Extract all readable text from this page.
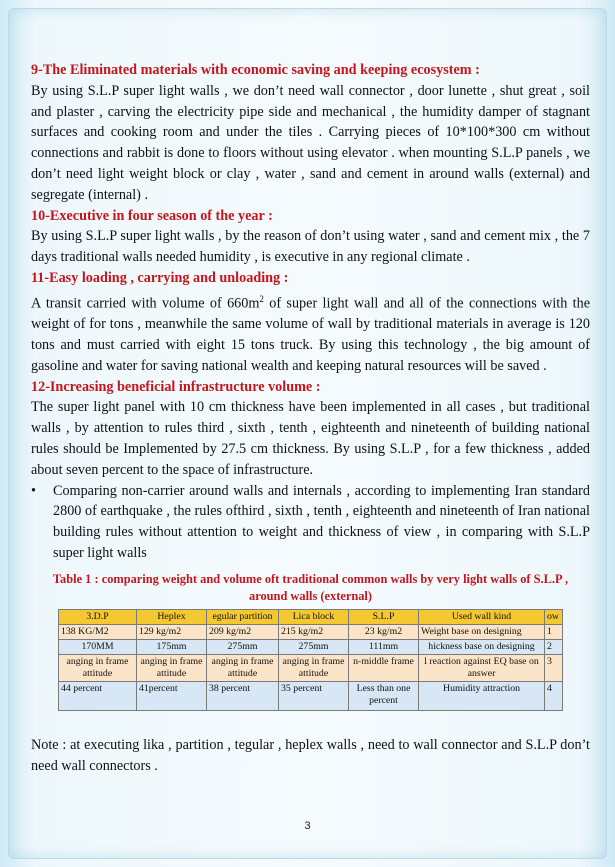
9-The Eliminated materials with economic saving and keeping ecosystem :

By using S.L.P super light walls , we don’t need wall connector , door lunette , shut great , soil and plaster , carving the electricity pipe side and mechanical , the humidity damper of stagnant surfaces and cooking room and under the tiles . Carrying pieces of 10*100*300 cm without connections and rabbit is done to floors without using elevator . when mounting S.L.P panels , we don’t need light weight block or clay , water , sand and cement in around walls (external) and segregate (internal) .

10-Executive in four season of the year :

By using S.L.P super light walls , by the reason of don’t using water , sand and cement mix , the 7 days traditional walls needed humidity , is executive in any regional climate .

11-Easy loading , carrying and unloading :

A transit carried with volume of $660m^2$ of super light wall and all of the connections with the weight of for tons , meanwhile the same volume of wall by traditional materials in average is 120 tons and must carried with eight 15 tons truck. By using this technology , the big amount of gasoline and water for saving national wealth and keeping natural resources will be saved .

12-Increasing beneficial infrastructure volume :

The super light panel with 10 cm thickness have been implemented in all cases , but traditional walls , by attention to rules third , sixth , tenth , eighteenth and nineteenth of building national rules should be Implemented by 27.5 cm thickness. By using S.L.P , for a few thickness , added about seven percent to the space of infrastructure.

•	Comparing non-carrier around walls and internals , according to implementing Iran standard 2800 of earthquake , the rules ofthird , sixth , tenth , eighteenth and nineteenth of Iran national building rules without attention to weight and thickness of view , in comparing with S.L.P super light walls

Table 1 : comparing weight and volume oft traditional common walls by very light walls of S.L.P ,
around walls (external)
3.D.P	Heplex	egular partition	Lica block	S.L.P	Used wall kind	ow
138 KG/M2	129 kg/m2	209 kg/m2	215 kg/m2	23 kg/m2	Weight base on designing	1
170MM	175mm	275mm	275mm	111mm	hickness base on designing	2
anging in frame attitude	anging in frame attitude	anging in frame attitude	anging in frame attitude	n-middle frame	l reaction against EQ base on answer	3
44 percent	41percent	38 percent	35 percent	Less than one percent	Humidity attraction	4

Note : at executing lika , partition , tegular , heplex walls , need to wall connector and S.L.P don’t need wall connectors .

3
